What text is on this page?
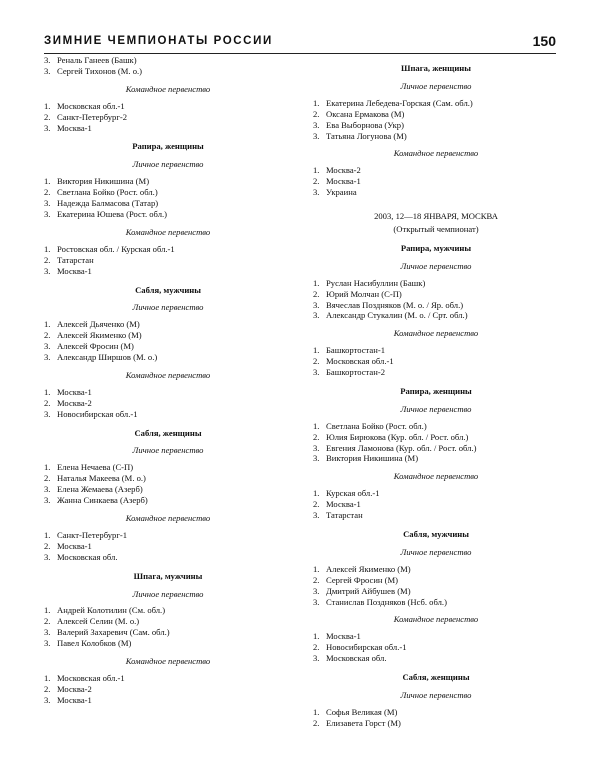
ЗИМНИЕ ЧЕМПИОНАТЫ РОССИИ	150
3. Реналь Ганеев (Башк)
3. Сергей Тихонов (М. о.)
Командное первенство
1. Московская обл.-1
2. Санкт-Петербург-2
3. Москва-1
Рапира, женщины
Личное первенство
1. Виктория Никишина (М)
2. Светлана Бойко (Рост. обл.)
3. Надежда Балмасова (Татар)
3. Екатерина Юшева (Рост. обл.)
Командное первенство
1. Ростовская обл. / Курская обл.-1
2. Татарстан
3. Москва-1
Сабля, мужчины
Личное первенство
1. Алексей Дьяченко (М)
2. Алексей Якименко (М)
3. Алексей Фросин (М)
3. Александр Ширшов (М. о.)
Командное первенство
1. Москва-1
2. Москва-2
3. Новосибирская обл.-1
Сабля, женщины
Личное первенство
1. Елена Нечаева (С-П)
2. Наталья Макеева (М. о.)
3. Елена Жемаева (Азерб)
3. Жанна Синкаева (Азерб)
Командное первенство
1. Санкт-Петербург-1
2. Москва-1
3. Московская обл.
Шпага, мужчины
Личное первенство
1. Андрей Колотилин (См. обл.)
2. Алексей Селин (М. о.)
3. Валерий Захаревич (Сам. обл.)
3. Павел Колобков (М)
Командное первенство
1. Московская обл.-1
2. Москва-2
3. Москва-1
Шпага, женщины
Личное первенство
1. Екатерина Лебедева-Горская (Сам. обл.)
2. Оксана Ермакова (М)
3. Ева Выборнова (Укр)
3. Татьяна Логунова (М)
Командное первенство
1. Москва-2
2. Москва-1
3. Украина
2003, 12—18 ЯНВАРЯ, МОСКВА
(Открытый чемпионат)
Рапира, мужчины
Личное первенство
1. Руслан Насибуллин (Башк)
2. Юрий Молчан (С-П)
3. Вячеслав Поздняков (М. о. / Яр. обл.)
3. Александр Стукалин (М. о. / Срт. обл.)
Командное первенство
1. Башкортостан-1
2. Московская обл.-1
3. Башкортостан-2
Рапира, женщины
Личное первенство
1. Светлана Бойко (Рост. обл.)
2. Юлия Бирюкова (Кур. обл. / Рост. обл.)
3. Евгения Ламонова (Кур. обл. / Рост. обл.)
3. Виктория Никишина (М)
Командное первенство
1. Курская обл.-1
2. Москва-1
3. Татарстан
Сабля, мужчины
Личное первенство
1. Алексей Якименко (М)
2. Сергей Фросин (М)
3. Дмитрий Айбушев (М)
3. Станислав Поздняков (Нсб. обл.)
Командное первенство
1. Москва-1
2. Новосибирская обл.-1
3. Московская обл.
Сабля, женщины
Личное первенство
1. Софья Великая (М)
2. Елизавета Горст (М)
